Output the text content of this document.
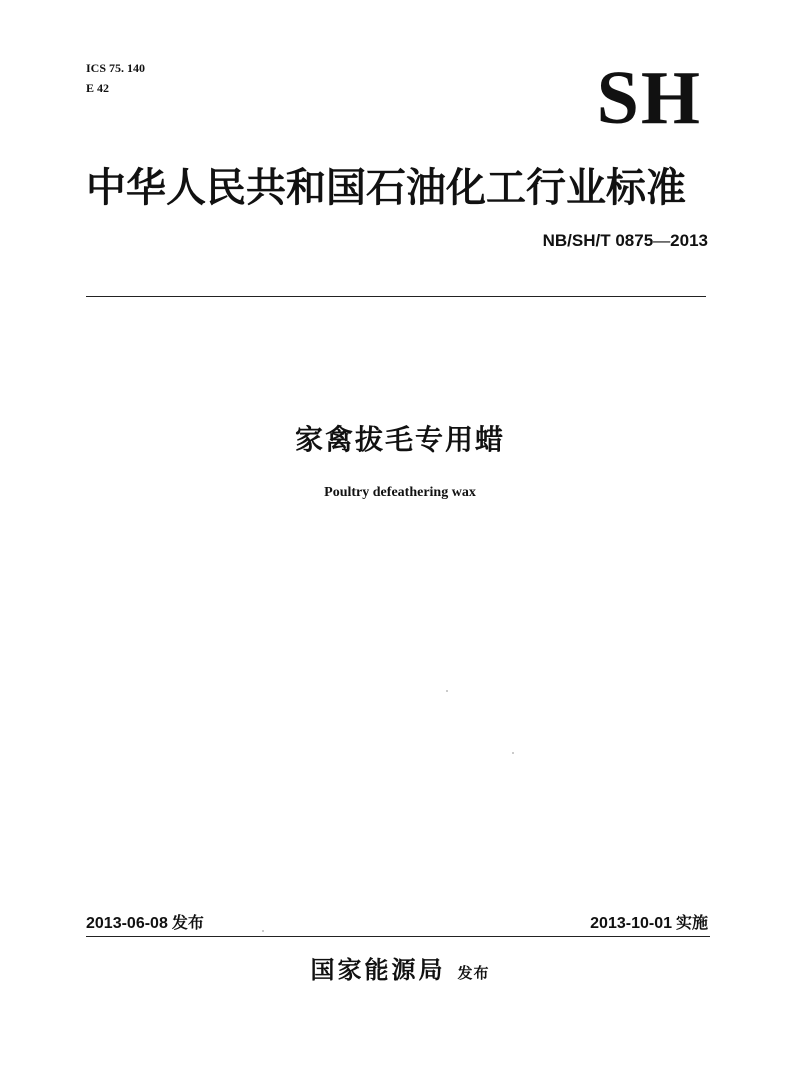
ICS 75. 140
E 42	SH
中华人民共和国石油化工行业标准
NB/SH/T 0875—2013
家禽拔毛专用蜡
Poultry defeathering wax
2013-06-08 发布	2013-10-01 实施
国家能源局 发布
